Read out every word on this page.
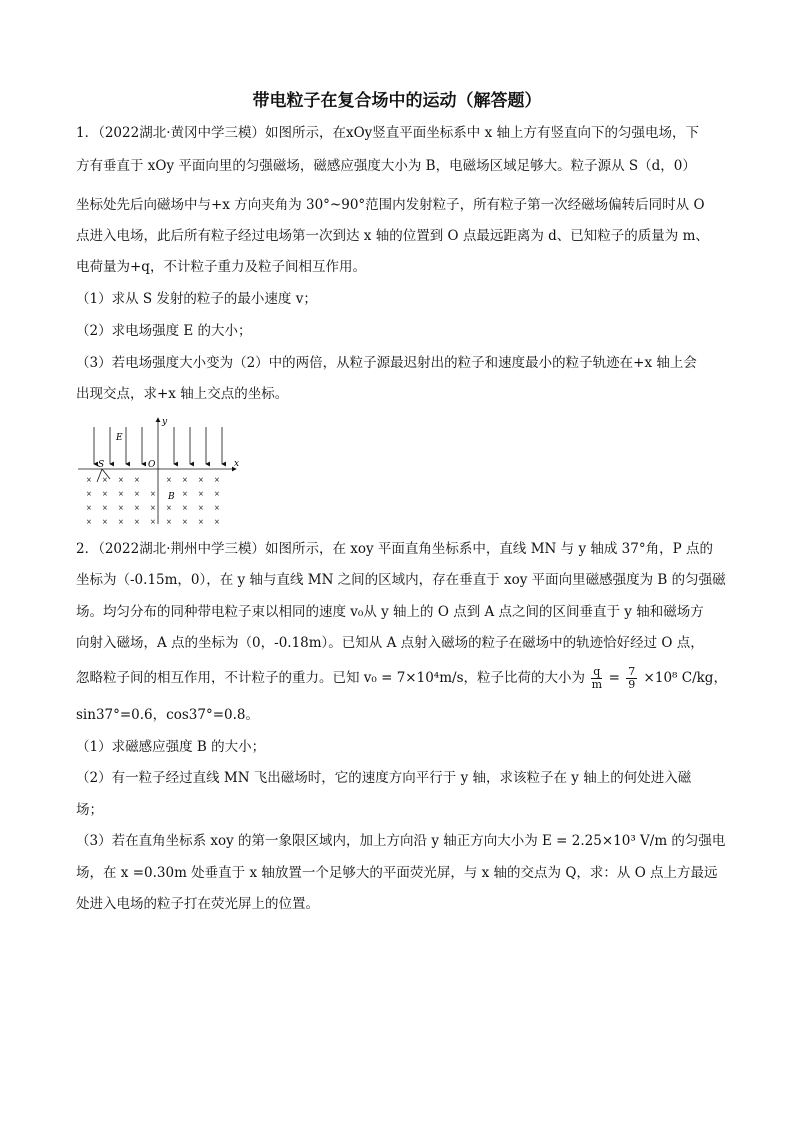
带电粒子在复合场中的运动（解答题）
1．（2022湖北·黄冈中学三模）如图所示，在xOy竖直平面坐标系中 x 轴上方有竖直向下的匀强电场，下
方有垂直于 xOy 平面向里的匀强磁场，磁感应强度大小为 B，电磁场区域足够大。粒子源从 S（d，0）
坐标处先后向磁场中与+x 方向夹角为 30°~90°范围内发射粒子，所有粒子第一次经磁场偏转后同时从 O
点进入电场，此后所有粒子经过电场第一次到达 x 轴的位置到 O 点最远距离为 d、已知粒子的质量为 m、
电荷量为+q，不计粒子重力及粒子间相互作用。
（1）求从 S 发射的粒子的最小速度 v；
（2）求电场强度 E 的大小；
（3）若电场强度大小变为（2）中的两倍，从粒子源最迟射出的粒子和速度最小的粒子轨迹在+x 轴上会
出现交点，求+x 轴上交点的坐标。
y
x
E
S	O
B
× × × ×	× × × ×
× × × × ×	× × ×
× × × × × × × × ×
× × × × × × × × ×
2．（2022湖北·荆州中学三模）如图所示，在 xoy 平面直角坐标系中，直线 MN 与 y 轴成 37°角，P 点的
坐标为（-0.15m，0），在 y 轴与直线 MN 之间的区域内，存在垂直于 xoy 平面向里磁感强度为 B 的匀强磁
场。均匀分布的同种带电粒子束以相同的速度 v₀从 y 轴上的 O 点到 A 点之间的区间垂直于 y 轴和磁场方
向射入磁场，A 点的坐标为（0，-0.18m）。已知从 A 点射入磁场的粒子在磁场中的轨迹恰好经过 O 点，
忽略粒子间的相互作用，不计粒子的重力。已知 v₀ = 7×10⁴m/s，粒子比荷的大小为 $\frac{q}{m} = \frac{7}{9} \times 10^8$ C/kg，
sin37°=0.6，cos37°=0.8。
（1）求磁感应强度 B 的大小；
（2）有一粒子经过直线 MN 飞出磁场时，它的速度方向平行于 y 轴，求该粒子在 y 轴上的何处进入磁
场；
（3）若在直角坐标系 xoy 的第一象限区域内，加上方向沿 y 轴正方向大小为 E = 2.25×10³ V/m 的匀强电
场，在 x =0.30m 处垂直于 x 轴放置一个足够大的平面荧光屏，与 x 轴的交点为 Q，求：从 O 点上方最远
处进入电场的粒子打在荧光屏上的位置。
